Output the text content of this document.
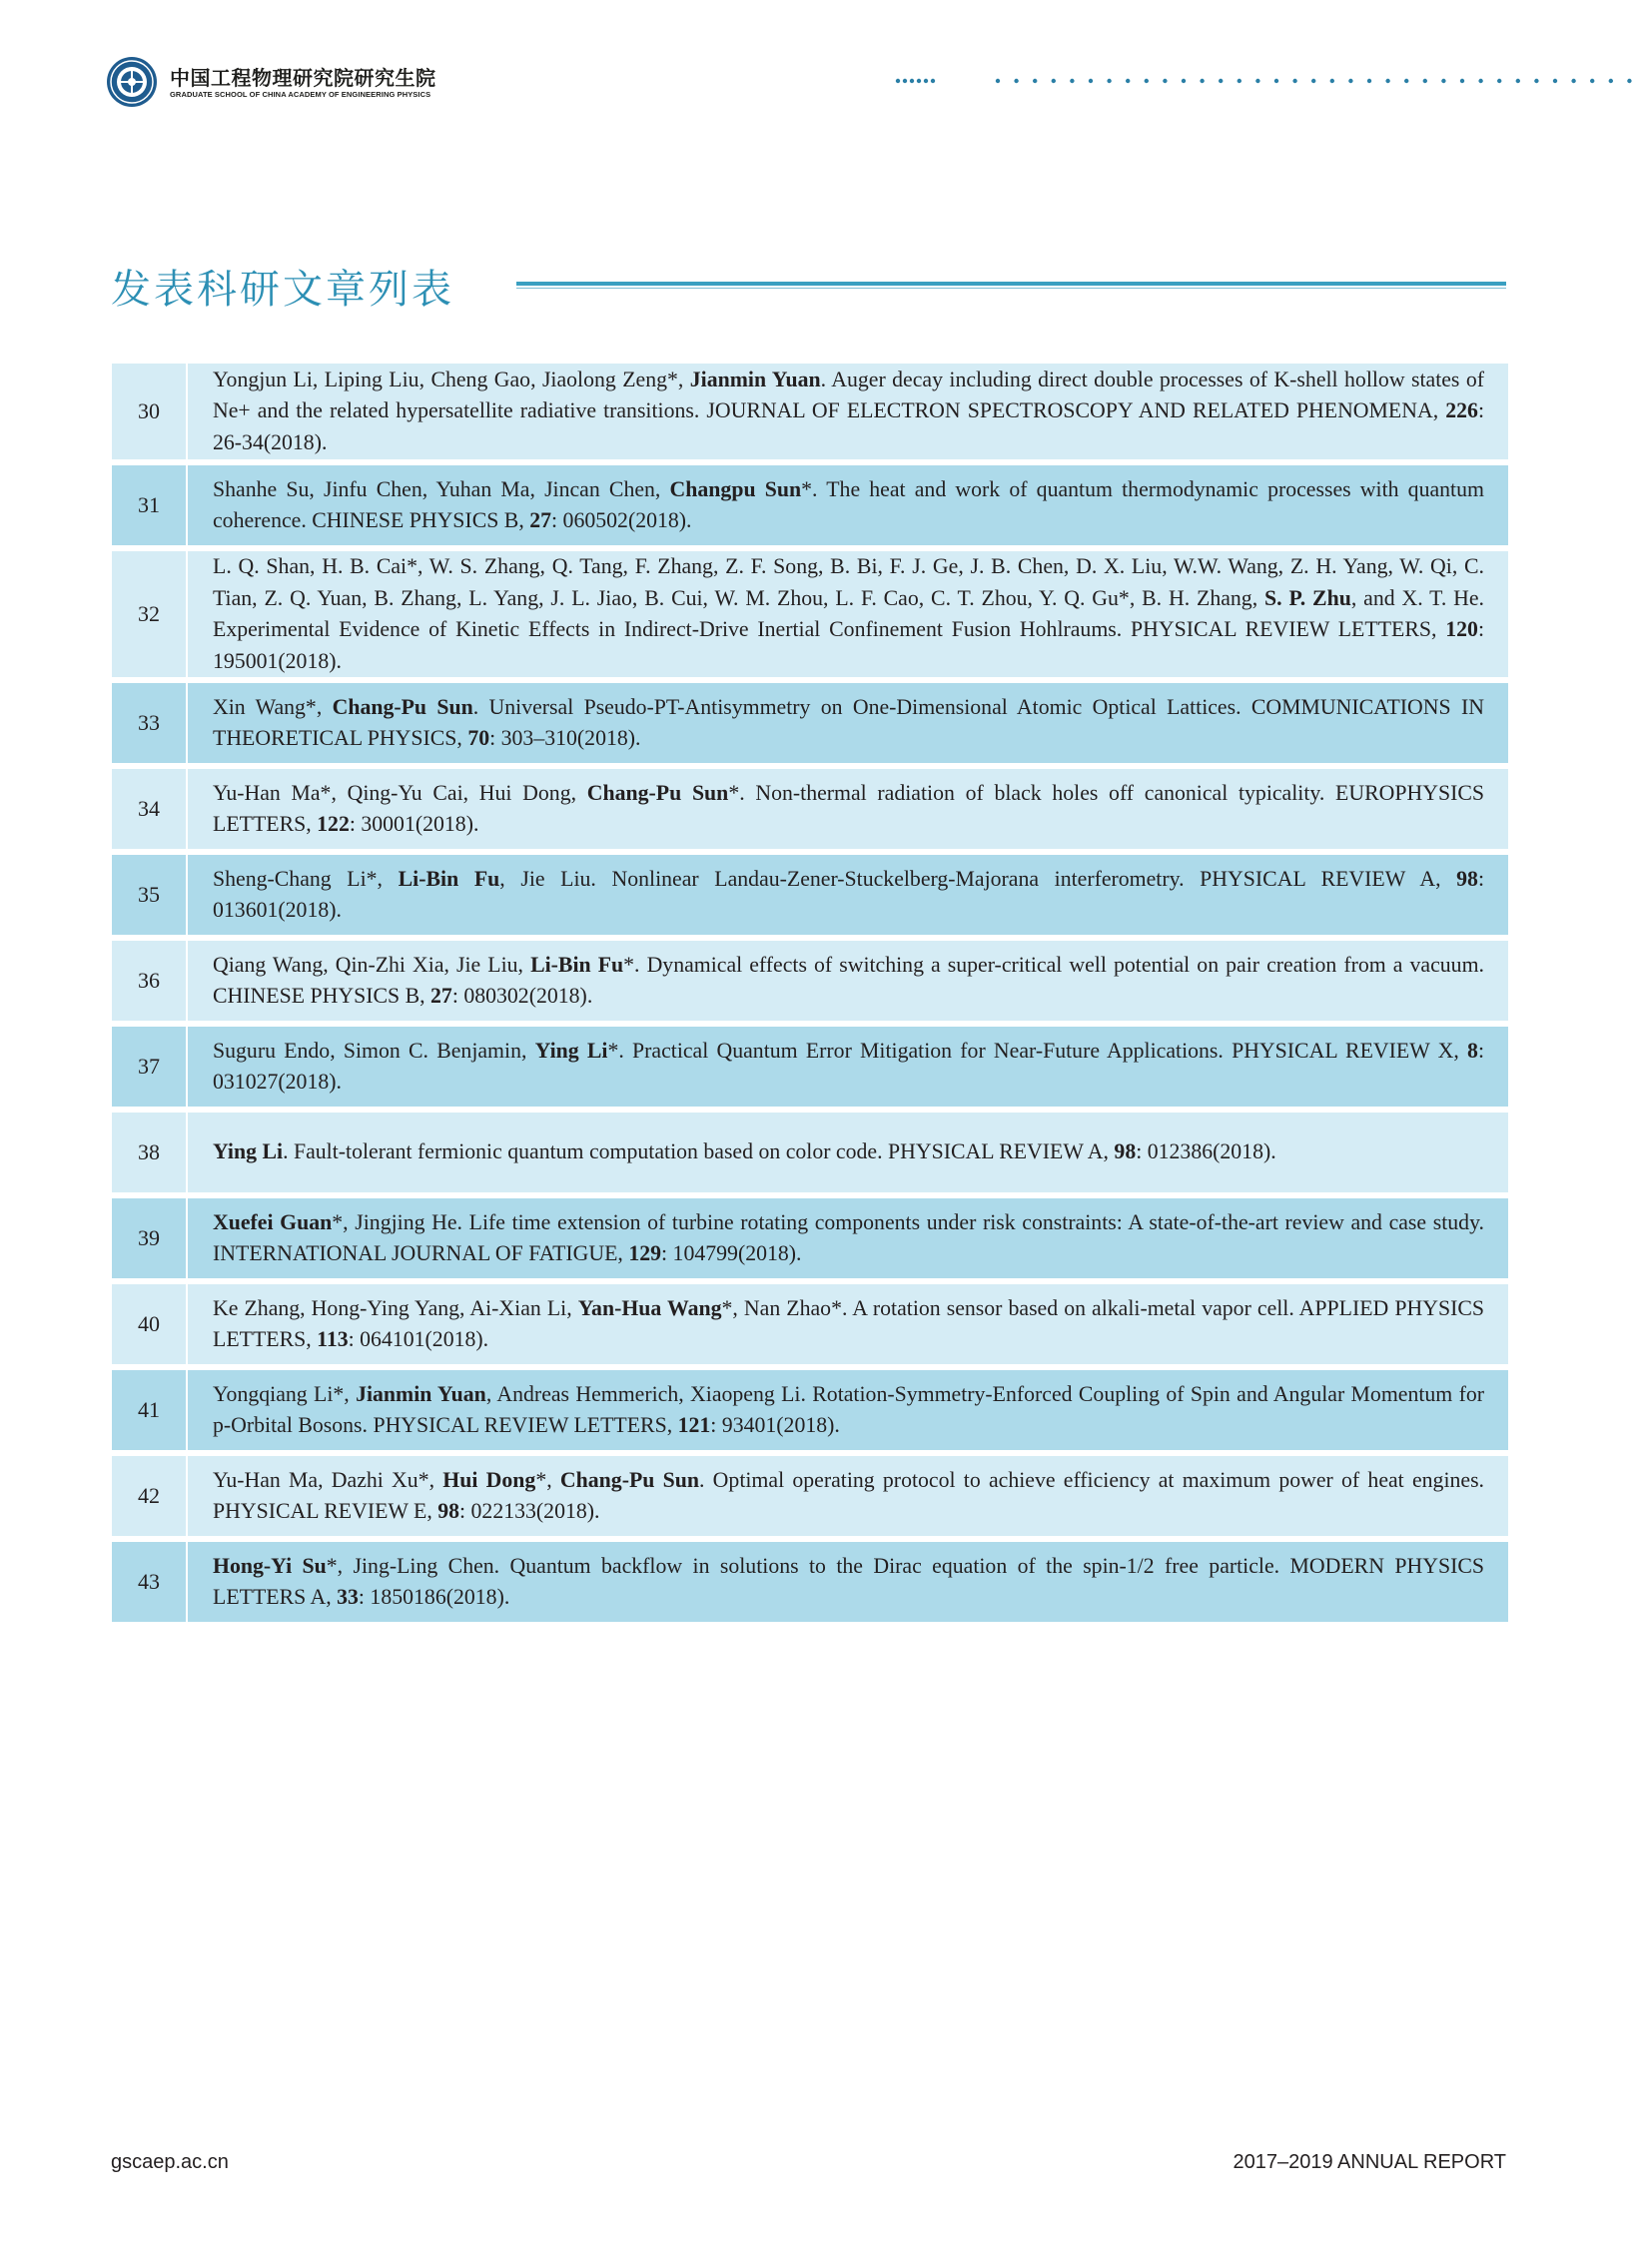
中国工程物理研究院研究生院
GRADUATE SCHOOL OF CHINA ACADEMY OF ENGINEERING PHYSICS
发表科研文章列表
30	Yongjun Li, Liping Liu, Cheng Gao, Jiaolong Zeng*, Jianmin Yuan. Auger decay including direct double processes of K-shell hollow states of Ne+ and the related hypersatellite radiative transitions. JOURNAL OF ELECTRON SPECTROSCOPY AND RELATED PHENOMENA, 226: 26-34(2018).
31	Shanhe Su, Jinfu Chen, Yuhan Ma, Jincan Chen, Changpu Sun*. The heat and work of quantum thermodynamic processes with quantum coherence. CHINESE PHYSICS B, 27: 060502(2018).
32	L. Q. Shan, H. B. Cai*, W. S. Zhang, Q. Tang, F. Zhang, Z. F. Song, B. Bi, F. J. Ge, J. B. Chen, D. X. Liu, W.W. Wang, Z. H. Yang, W. Qi, C. Tian, Z. Q. Yuan, B. Zhang, L. Yang, J. L. Jiao, B. Cui, W. M. Zhou, L. F. Cao, C. T. Zhou, Y. Q. Gu*, B. H. Zhang, S. P. Zhu, and X. T. He. Experimental Evidence of Kinetic Effects in Indirect-Drive Inertial Confinement Fusion Hohlraums. PHYSICAL REVIEW LETTERS, 120: 195001(2018).
33	Xin Wang*, Chang-Pu Sun. Universal Pseudo-PT-Antisymmetry on One-Dimensional Atomic Optical Lattices. COMMUNICATIONS IN THEORETICAL PHYSICS, 70: 303–310(2018).
34	Yu-Han Ma*, Qing-Yu Cai, Hui Dong, Chang-Pu Sun*. Non-thermal radiation of black holes off canonical typicality. EUROPHYSICS LETTERS, 122: 30001(2018).
35	Sheng-Chang Li*, Li-Bin Fu, Jie Liu. Nonlinear Landau-Zener-Stuckelberg-Majorana interferometry. PHYSICAL REVIEW A, 98: 013601(2018).
36	Qiang Wang, Qin-Zhi Xia, Jie Liu, Li-Bin Fu*. Dynamical effects of switching a super-critical well potential on pair creation from a vacuum. CHINESE PHYSICS B, 27: 080302(2018).
37	Suguru Endo, Simon C. Benjamin, Ying Li*. Practical Quantum Error Mitigation for Near-Future Applications. PHYSICAL REVIEW X, 8: 031027(2018).
38	Ying Li. Fault-tolerant fermionic quantum computation based on color code. PHYSICAL REVIEW A, 98: 012386(2018).
39	Xuefei Guan*, Jingjing He. Life time extension of turbine rotating components under risk constraints: A state-of-the-art review and case study. INTERNATIONAL JOURNAL OF FATIGUE, 129: 104799(2018).
40	Ke Zhang, Hong-Ying Yang, Ai-Xian Li, Yan-Hua Wang*, Nan Zhao*. A rotation sensor based on alkali-metal vapor cell. APPLIED PHYSICS LETTERS, 113: 064101(2018).
41	Yongqiang Li*, Jianmin Yuan, Andreas Hemmerich, Xiaopeng Li. Rotation-Symmetry-Enforced Coupling of Spin and Angular Momentum for p-Orbital Bosons. PHYSICAL REVIEW LETTERS, 121: 93401(2018).
42	Yu-Han Ma, Dazhi Xu*, Hui Dong*, Chang-Pu Sun. Optimal operating protocol to achieve efficiency at maximum power of heat engines. PHYSICAL REVIEW E, 98: 022133(2018).
43	Hong-Yi Su*, Jing-Ling Chen. Quantum backflow in solutions to the Dirac equation of the spin-1/2 free particle. MODERN PHYSICS LETTERS A, 33: 1850186(2018).
gscaep.ac.cn	2017–2019 ANNUAL REPORT
